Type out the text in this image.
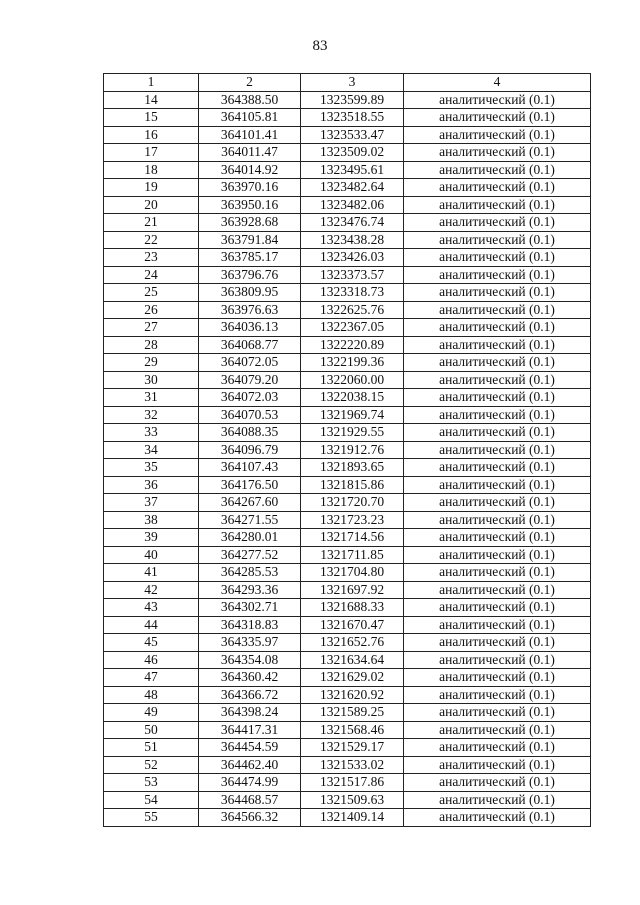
83
1	2	3	4
14	364388.50	1323599.89	аналитический (0.1)
15	364105.81	1323518.55	аналитический (0.1)
16	364101.41	1323533.47	аналитический (0.1)
17	364011.47	1323509.02	аналитический (0.1)
18	364014.92	1323495.61	аналитический (0.1)
19	363970.16	1323482.64	аналитический (0.1)
20	363950.16	1323482.06	аналитический (0.1)
21	363928.68	1323476.74	аналитический (0.1)
22	363791.84	1323438.28	аналитический (0.1)
23	363785.17	1323426.03	аналитический (0.1)
24	363796.76	1323373.57	аналитический (0.1)
25	363809.95	1323318.73	аналитический (0.1)
26	363976.63	1322625.76	аналитический (0.1)
27	364036.13	1322367.05	аналитический (0.1)
28	364068.77	1322220.89	аналитический (0.1)
29	364072.05	1322199.36	аналитический (0.1)
30	364079.20	1322060.00	аналитический (0.1)
31	364072.03	1322038.15	аналитический (0.1)
32	364070.53	1321969.74	аналитический (0.1)
33	364088.35	1321929.55	аналитический (0.1)
34	364096.79	1321912.76	аналитический (0.1)
35	364107.43	1321893.65	аналитический (0.1)
36	364176.50	1321815.86	аналитический (0.1)
37	364267.60	1321720.70	аналитический (0.1)
38	364271.55	1321723.23	аналитический (0.1)
39	364280.01	1321714.56	аналитический (0.1)
40	364277.52	1321711.85	аналитический (0.1)
41	364285.53	1321704.80	аналитический (0.1)
42	364293.36	1321697.92	аналитический (0.1)
43	364302.71	1321688.33	аналитический (0.1)
44	364318.83	1321670.47	аналитический (0.1)
45	364335.97	1321652.76	аналитический (0.1)
46	364354.08	1321634.64	аналитический (0.1)
47	364360.42	1321629.02	аналитический (0.1)
48	364366.72	1321620.92	аналитический (0.1)
49	364398.24	1321589.25	аналитический (0.1)
50	364417.31	1321568.46	аналитический (0.1)
51	364454.59	1321529.17	аналитический (0.1)
52	364462.40	1321533.02	аналитический (0.1)
53	364474.99	1321517.86	аналитический (0.1)
54	364468.57	1321509.63	аналитический (0.1)
55	364566.32	1321409.14	аналитический (0.1)
